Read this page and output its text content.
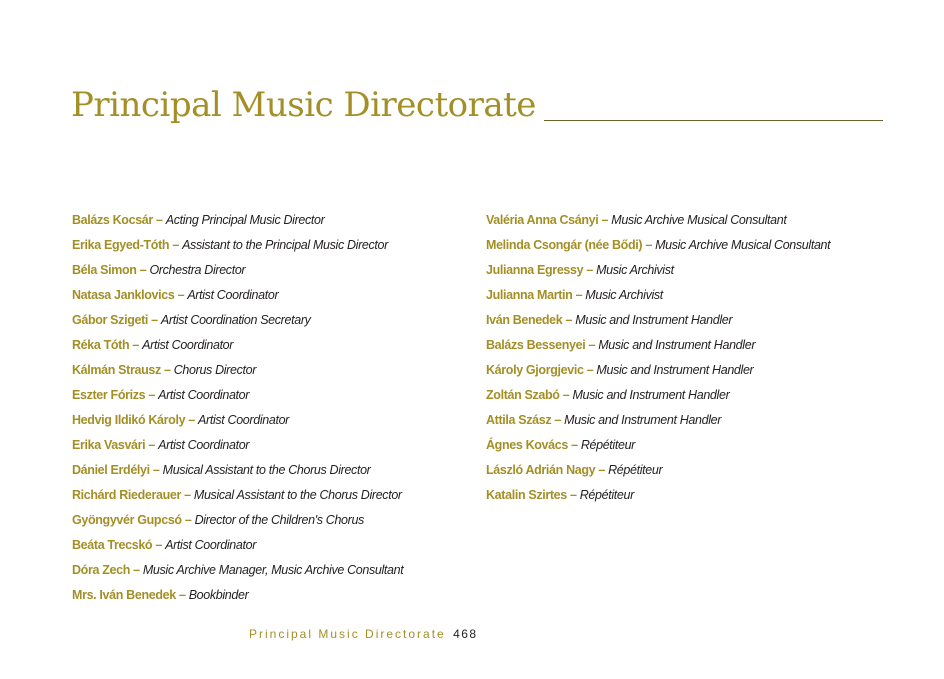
Principal Music Directorate
Balázs Kocsár – Acting Principal Music Director
Erika Egyed-Tóth – Assistant to the Principal Music Director
Béla Simon – Orchestra Director
Natasa Janklovics – Artist Coordinator
Gábor Szigeti – Artist Coordination Secretary
Réka Tóth – Artist Coordinator
Kálmán Strausz – Chorus Director
Eszter Fórizs – Artist Coordinator
Hedvig Ildikó Károly – Artist Coordinator
Erika Vasvári – Artist Coordinator
Dániel Erdélyi – Musical Assistant to the Chorus Director
Richárd Riederauer – Musical Assistant to the Chorus Director
Gyöngyvér Gupcsó – Director of the Children's Chorus
Beáta Trecskó – Artist Coordinator
Dóra Zech – Music Archive Manager, Music Archive Consultant
Mrs. Iván Benedek – Bookbinder
Valéria Anna Csányi – Music Archive Musical Consultant
Melinda Csongár (née Bődi) – Music Archive Musical Consultant
Julianna Egressy – Music Archivist
Julianna Martin – Music Archivist
Iván Benedek – Music and Instrument Handler
Balázs Bessenyei – Music and Instrument Handler
Károly Gjorgjevic – Music and Instrument Handler
Zoltán Szabó – Music and Instrument Handler
Attila Szász – Music and Instrument Handler
Ágnes Kovács – Répétiteur
László Adrián Nagy – Répétiteur
Katalin Szirtes – Répétiteur
Principal Music Directorate 468
